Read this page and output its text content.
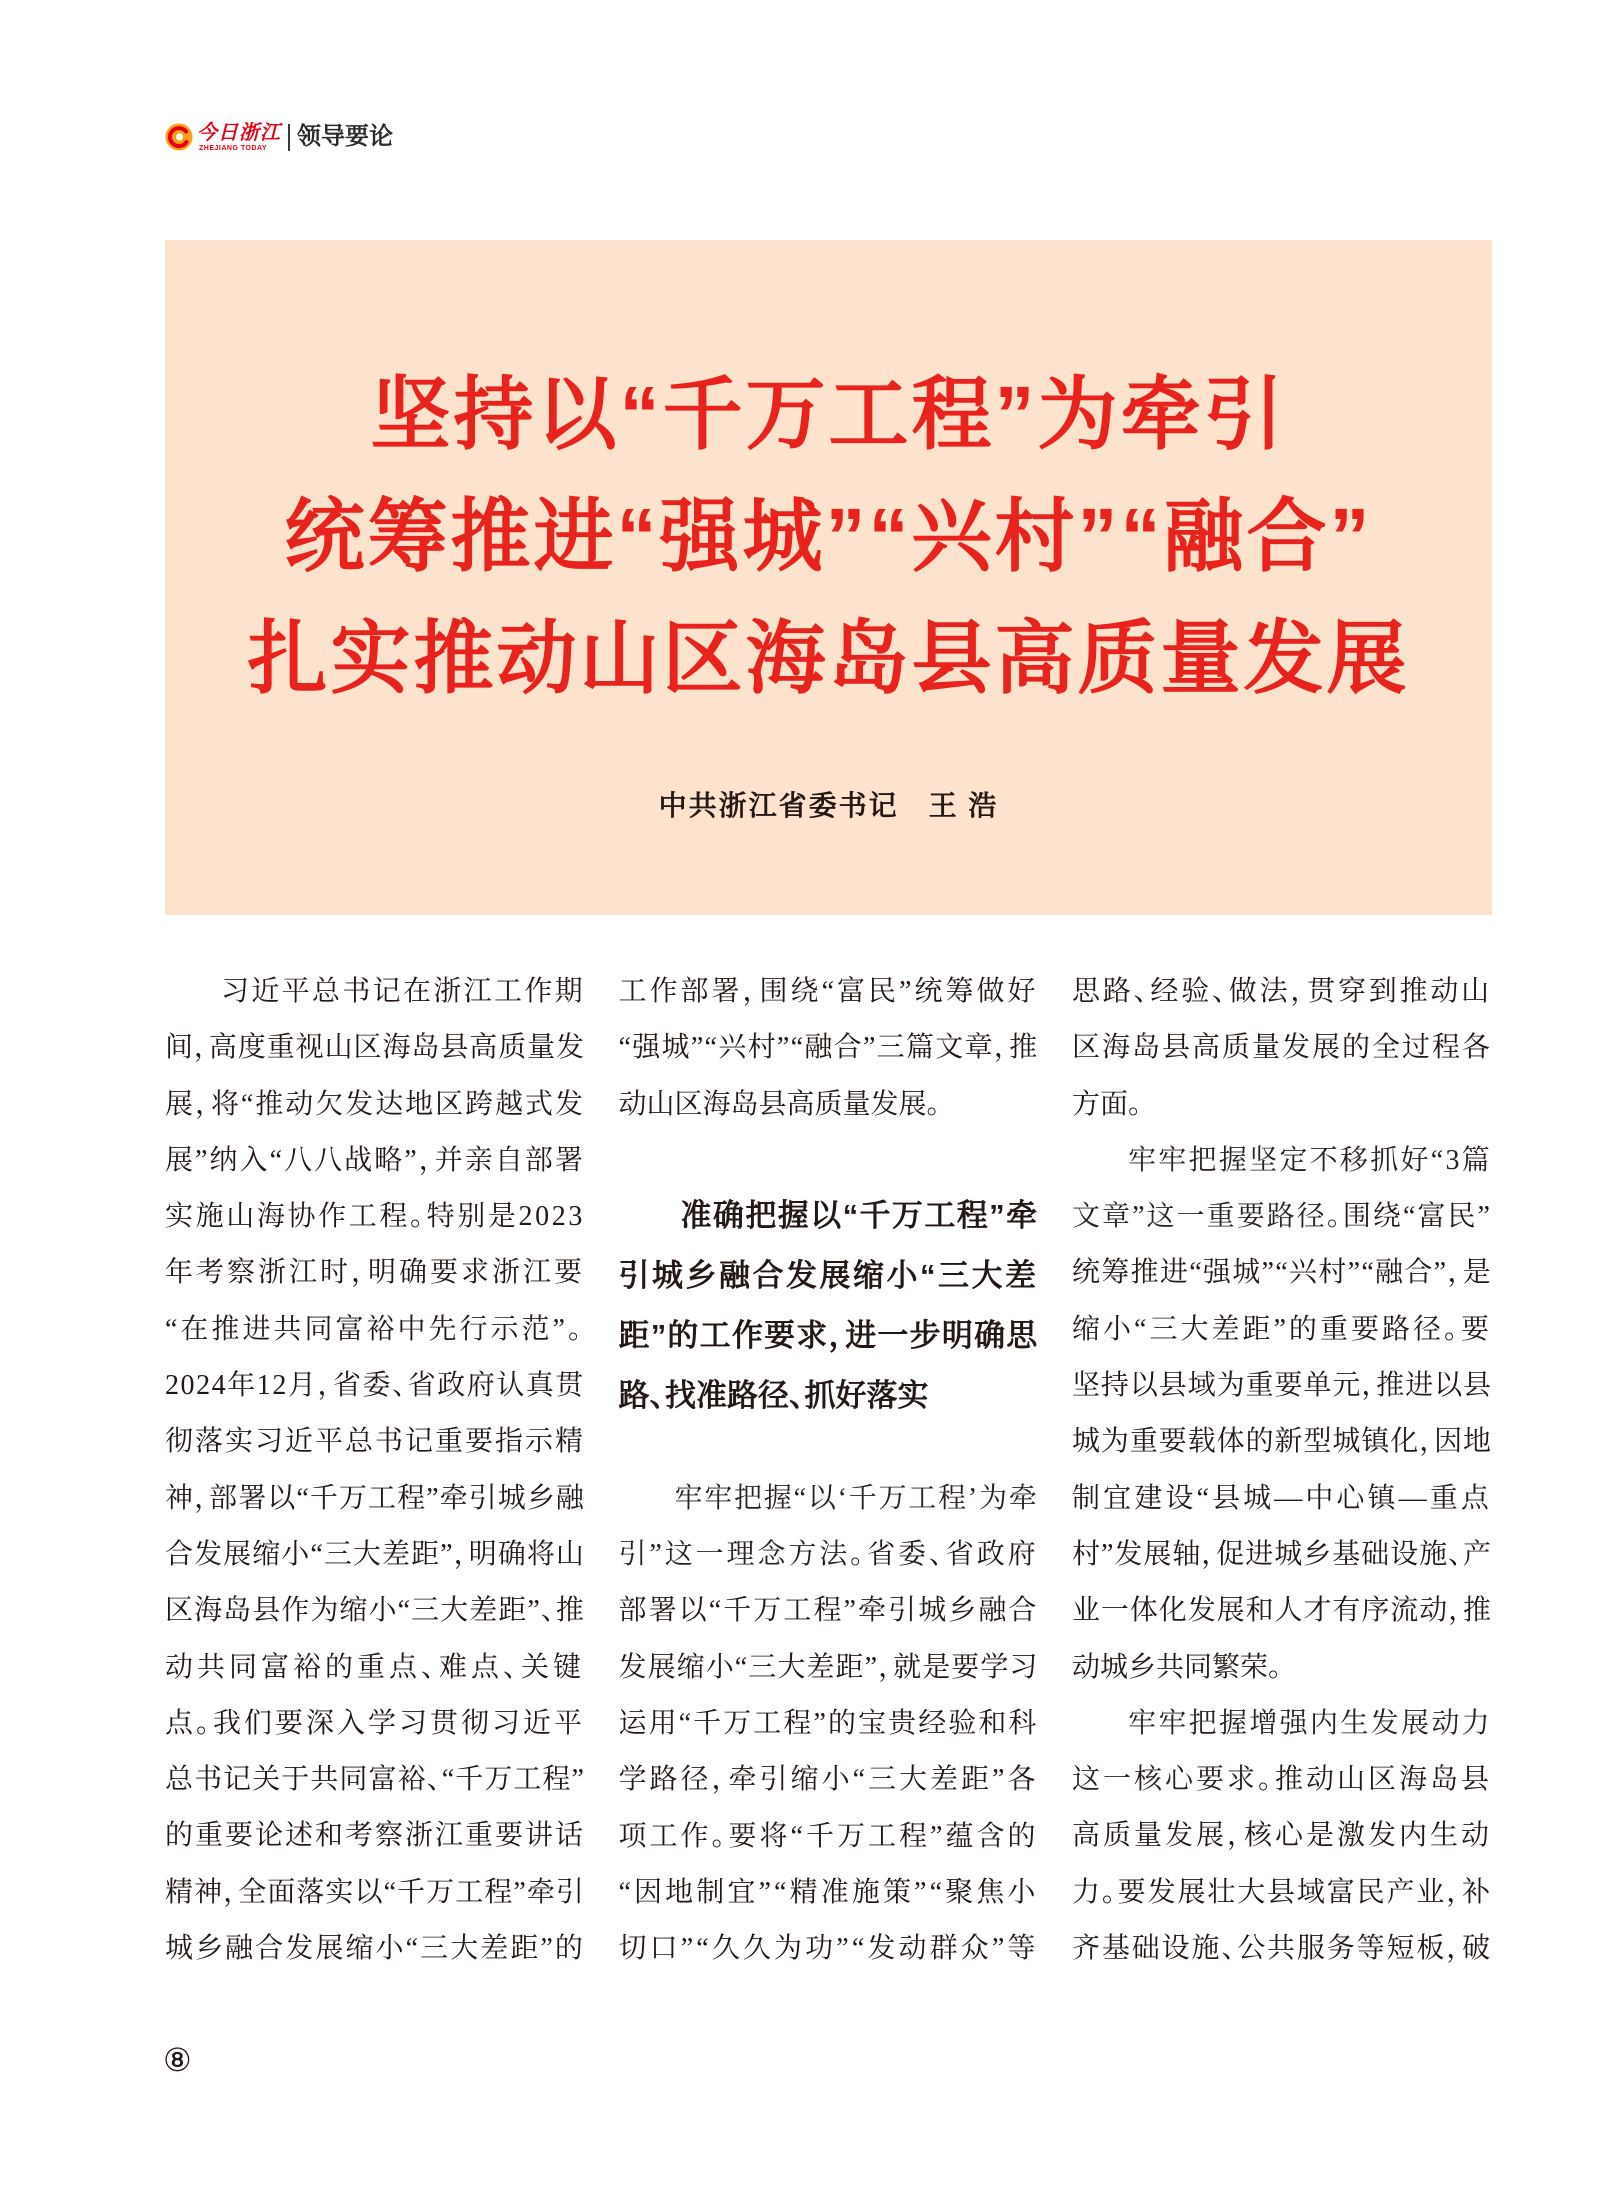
今日浙江
ZHEJIANG TODAY 领导要论
坚持以“千万工程”为牵引
统筹推进“强城”“兴村”“融合”
扎实推动山区海岛县高质量发展
中共浙江省委书记 王 浩
习近平总书记在浙江工作期
间，高度重视山区海岛县高质量发
展，将“推动欠发达地区跨越式发
展”纳入“八八战略”，并亲自部署
实施山海协作工程。特别是2023
年考察浙江时，明确要求浙江要
“在推进共同富裕中先行示范”。
2024年12月，省委、省政府认真贯
彻落实习近平总书记重要指示精
神，部署以“千万工程”牵引城乡融
合发展缩小“三大差距”，明确将山
区海岛县作为缩小“三大差距”、推
动共同富裕的重点、难点、关键
点。我们要深入学习贯彻习近平
总书记关于共同富裕、“千万工程”
的重要论述和考察浙江重要讲话
精神，全面落实以“千万工程”牵引
城乡融合发展缩小“三大差距”的
工作部署，围绕“富民”统筹做好
“强城”“兴村”“融合”三篇文章，推
动山区海岛县高质量发展。
准确把握以“千万工程”牵
引城乡融合发展缩小“三大差
距”的工作要求，进一步明确思
路、找准路径、抓好落实
牢牢把握“以‘千万工程’为牵
引”这一理念方法。省委、省政府
部署以“千万工程”牵引城乡融合
发展缩小“三大差距”，就是要学习
运用“千万工程”的宝贵经验和科
学路径，牵引缩小“三大差距”各
项工作。要将“千万工程”蕴含的
“因地制宜”“精准施策”“聚焦小
切口”“久久为功”“发动群众”等
思路、经验、做法，贯穿到推动山
区海岛县高质量发展的全过程各
方面。
牢牢把握坚定不移抓好“3篇
文章”这一重要路径。围绕“富民”
统筹推进“强城”“兴村”“融合”，是
缩小“三大差距”的重要路径。要
坚持以县域为重要单元，推进以县
城为重要载体的新型城镇化，因地
制宜建设“县城—中心镇—重点
村”发展轴，促进城乡基础设施、产
业一体化发展和人才有序流动，推
动城乡共同繁荣。
牢牢把握增强内生发展动力
这一核心要求。推动山区海岛县
高质量发展，核心是激发内生动
力。要发展壮大县域富民产业，补
齐基础设施、公共服务等短板，破
⑧
